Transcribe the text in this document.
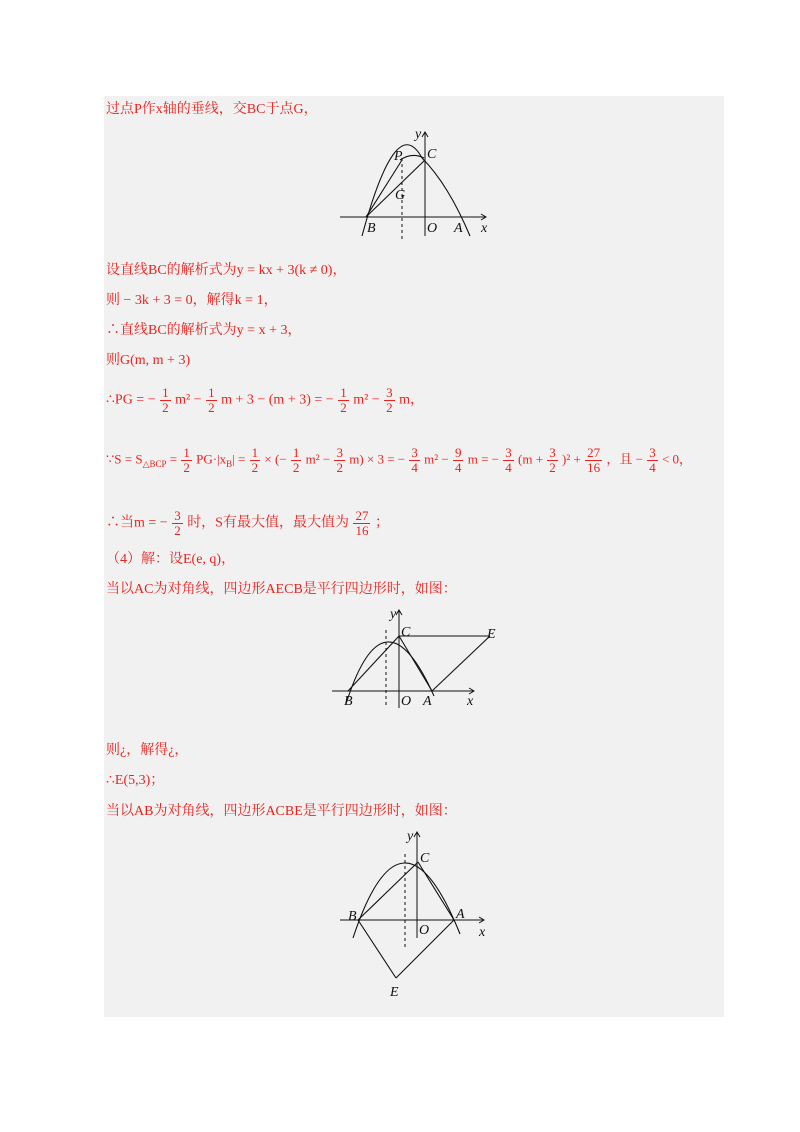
过点P作x轴的垂线，交BC于点G，
P C
G
B	O A x
y
设直线BC的解析式为y = kx + 3(k ≠ 0)，
则 − 3k + 3 = 0，解得k = 1，
∴直线BC的解析式为y = x + 3，
则G(m, m + 3)
∴PG = − $\frac{1}{2} m^2 - \frac{1}{2}$ m + 3 − (m + 3) = − $\frac{1}{2} m^2 - \frac{3}{2}$ m，
∵S = $S_{\triangle BCP} = \frac{1}{2} PG\cdot|x_B| = \frac{1}{2}$ × (− $\frac{1}{2} m^2 - \frac{3}{2} m) \times 3$ = − $\frac{3}{4} m^2 - \frac{9}{4}$ m = − $\frac{3}{4} (m + \frac{3}{2} )^2 + \frac{27}{16}$ ，且 − $\frac{3}{4} < 0$，
∴当m = − $\frac{3}{2}$ 时，S有最大值，最大值为 $\frac{27}{16}$ ；
（4）解：设E(e, q)，
当以AC为对角线，四边形AECB是平行四边形时，如图：
C	E
B	O A	x
y
则¿，解得¿，
∴E(5,3)；
当以AB为对角线，四边形ACBE是平行四边形时，如图：
C
B	A
O	x
E
y
